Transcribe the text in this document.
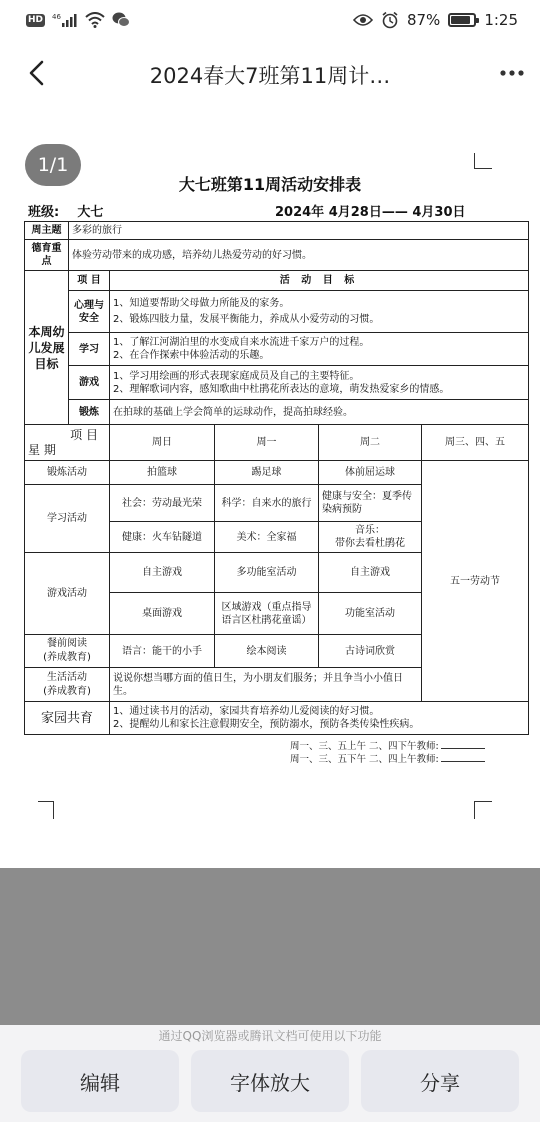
HD 46	87%	1:25
2024春大7班第11周计…
1/1
大七班第11周活动安排表
班级: 大七	2024年 4月28日—— 4月30日
周主题	多彩的旅行				
德育重点	体验劳动带来的成功感，培养幼儿热爱劳动的好习惯。				
本周幼儿发展目标	项 目	活 动 目 标			
	心理与安全	1、知道要帮助父母做力所能及的家务。
2、锻炼四肢力量，发展平衡能力，养成从小爱劳动的习惯。			
	学习	1、了解江河湖泊里的水变成自来水流进千家万户的过程。
2、在合作探索中体验活动的乐趣。			
	游戏	1、学习用绘画的形式表现家庭成员及自己的主要特征。
2、理解歌词内容，感知歌曲中杜鹃花所表达的意境，萌发热爱家乡的情感。			
	锻炼	在拍球的基础上学会简单的运球动作，提高拍球经验。			

项 目
星 期		周日	周一	周二	周三、四、五
锻炼活动		拍篮球	踢足球	体前屈运球	五一劳动节
学习活动		社会：劳动最光荣	科学：自来水的旅行	健康与安全：夏季传染病预防	
		健康：火车钻隧道	美术：全家福	音乐：
带你去看杜鹃花	
游戏活动		自主游戏	多功能室活动	自主游戏	
		桌面游戏	区域游戏（重点指导语言区杜鹃花童谣）	功能室活动	
餐前阅读
(养成教育)		语言：能干的小手	绘本阅读	古诗词欣赏	
生活活动
(养成教育)		说说你想当哪方面的值日生，为小朋友们服务；并且争当小小值日生。			
家园共育		1、通过读书月的活动，家园共育培养幼儿爱阅读的好习惯。
2、提醒幼儿和家长注意假期安全，预防溺水，预防各类传染性疾病。			
周一、三、五上午 二、四下午教师:
周一、三、五下午 二、四上午教师:
通过QQ浏览器或腾讯文档可使用以下功能
编辑	字体放大	分享
